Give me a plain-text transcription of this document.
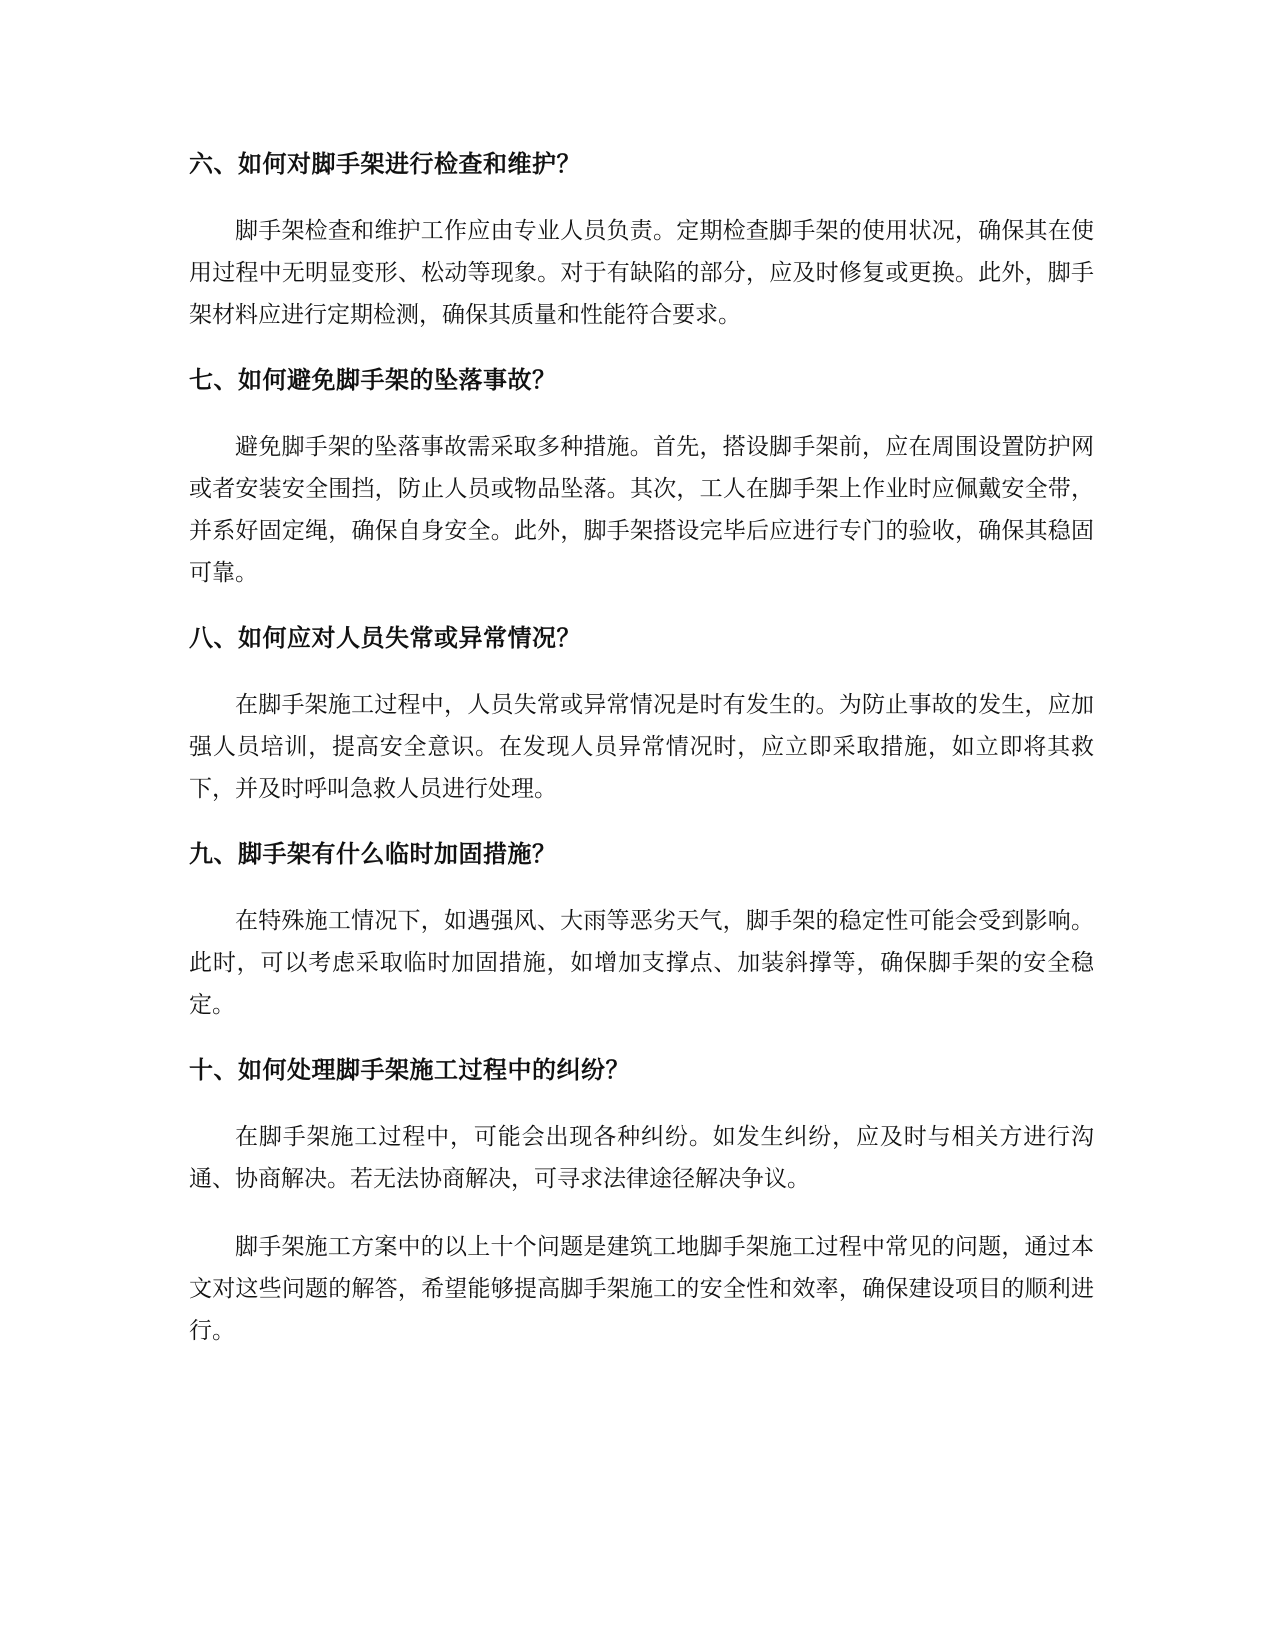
六、如何对脚手架进行检查和维护？

脚手架检查和维护工作应由专业人员负责。定期检查脚手架的使用状况，确保其在使用过程中无明显变形、松动等现象。对于有缺陷的部分，应及时修复或更换。此外，脚手架材料应进行定期检测，确保其质量和性能符合要求。

七、如何避免脚手架的坠落事故？

避免脚手架的坠落事故需采取多种措施。首先，搭设脚手架前，应在周围设置防护网或者安装安全围挡，防止人员或物品坠落。其次，工人在脚手架上作业时应佩戴安全带，并系好固定绳，确保自身安全。此外，脚手架搭设完毕后应进行专门的验收，确保其稳固可靠。

八、如何应对人员失常或异常情况？

在脚手架施工过程中，人员失常或异常情况是时有发生的。为防止事故的发生，应加强人员培训，提高安全意识。在发现人员异常情况时，应立即采取措施，如立即将其救下，并及时呼叫急救人员进行处理。

九、脚手架有什么临时加固措施？

在特殊施工情况下，如遇强风、大雨等恶劣天气，脚手架的稳定性可能会受到影响。此时，可以考虑采取临时加固措施，如增加支撑点、加装斜撑等，确保脚手架的安全稳定。

十、如何处理脚手架施工过程中的纠纷？

在脚手架施工过程中，可能会出现各种纠纷。如发生纠纷，应及时与相关方进行沟通、协商解决。若无法协商解决，可寻求法律途径解决争议。

脚手架施工方案中的以上十个问题是建筑工地脚手架施工过程中常见的问题，通过本文对这些问题的解答，希望能够提高脚手架施工的安全性和效率，确保建设项目的顺利进行。
